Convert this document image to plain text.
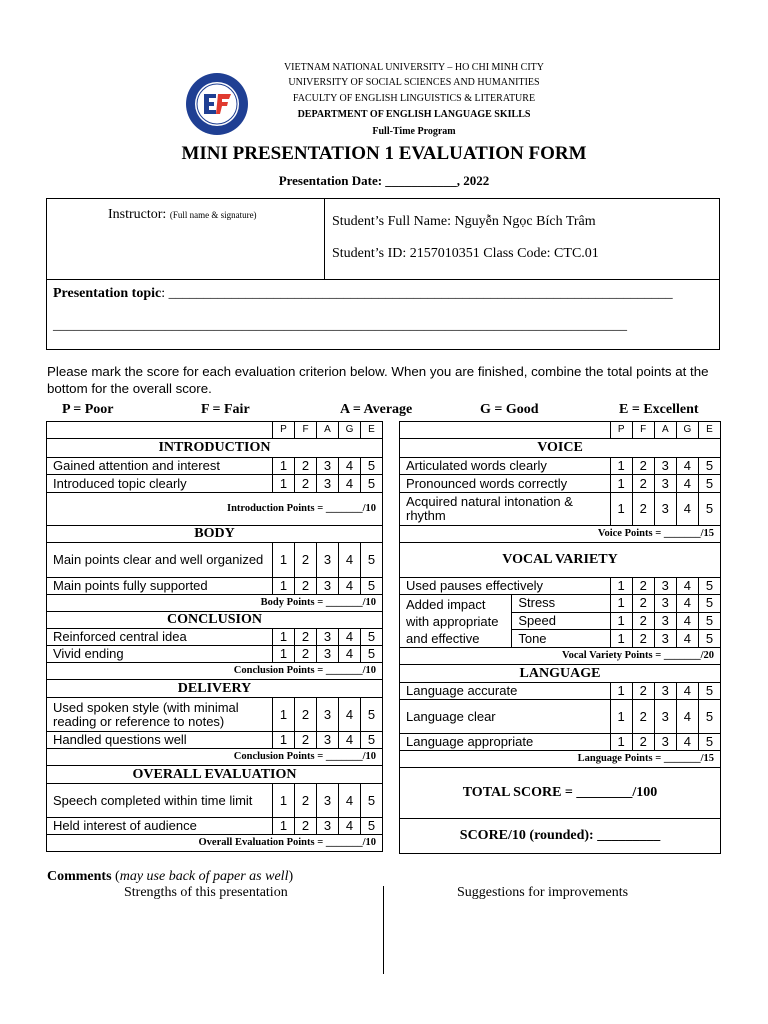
VIETNAM NATIONAL UNIVERSITY – HO CHI MINH CITY
UNIVERSITY OF SOCIAL SCIENCES AND HUMANITIES
FACULTY OF ENGLISH LINGUISTICS & LITERATURE
DEPARTMENT OF ENGLISH LANGUAGE SKILLS
Full-Time Program
MINI PRESENTATION 1 EVALUATION FORM
Presentation Date: ___________, 2022
Instructor: (Full name & signature)	Student’s Full Name: Nguyễn Ngọc Bích Trâm
Student’s ID: 2157010351 Class Code: CTC.01
Presentation topic: ________________________________________________________________________
__________________________________________________________________________________
Please mark the score for each evaluation criterion below. When you are finished, combine the total points at the bottom for the overall score.
P = Poor	F = Fair	A = Average	G = Good	E = Excellent
	P	F	A	G	E
INTRODUCTION					
Gained attention and interest	1	2	3	4	5
Introduced topic clearly	1	2	3	4	5
Introduction Points = _______/10					
BODY					
Main points clear and well organized	1	2	3	4	5
Main points fully supported	1	2	3	4	5
Body Points = _______/10					
CONCLUSION					
Reinforced central idea	1	2	3	4	5
Vivid ending	1	2	3	4	5
Conclusion Points = _______/10					
DELIVERY					
Used spoken style (with minimal reading or reference to notes)	1	2	3	4	5
Handled questions well	1	2	3	4	5
Conclusion Points = _______/10					
OVERALL EVALUATION					
Speech completed within time limit	1	2	3	4	5
Held interest of audience	1	2	3	4	5
Overall Evaluation Points = _______/10					
		P	F	A	G	E
VOICE						
Articulated words clearly		1	2	3	4	5
Pronounced words correctly		1	2	3	4	5
Acquired natural intonation & rhythm		1	2	3	4	5
Voice Points = _______/15						
VOCAL VARIETY						
Used pauses effectively		1	2	3	4	5
Added impact with appropriate and effective	Stress	1	2	3	4	5
	Speed	1	2	3	4	5
	Tone	1	2	3	4	5
Vocal Variety Points = _______/20						
LANGUAGE						
Language accurate		1	2	3	4	5
Language clear		1	2	3	4	5
Language appropriate		1	2	3	4	5
Language Points = _______/15						
TOTAL SCORE = ________/100						
SCORE/10 (rounded): _________						
Comments (may use back of paper as well)
Strengths of this presentation	Suggestions for improvements
